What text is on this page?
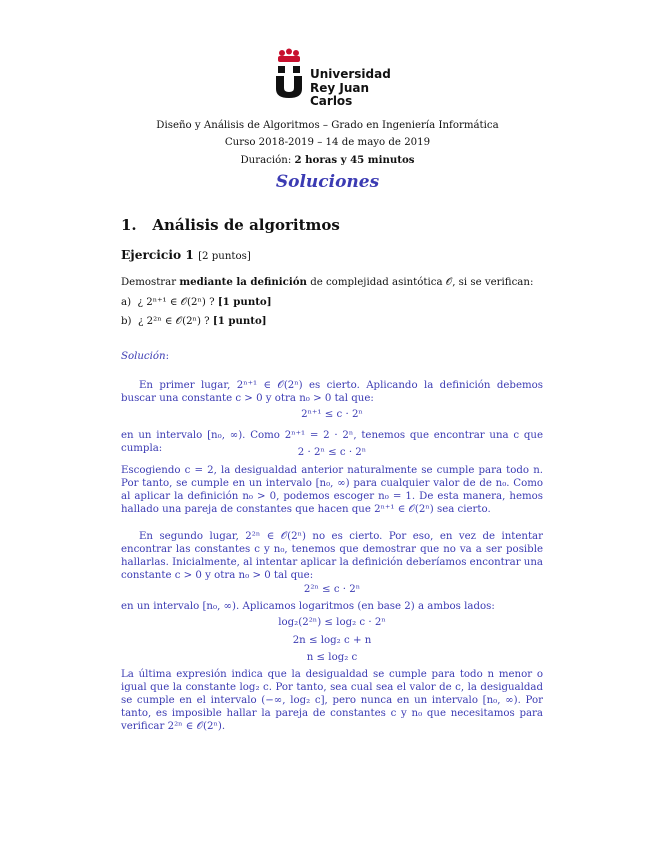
Universidad
Rey Juan Carlos
Diseño y Análisis de Algoritmos – Grado en Ingeniería Informática
Curso 2018-2019 – 14 de mayo de 2019
Duración: 2 horas y 45 minutos
Soluciones
1. Análisis de algoritmos
Ejercicio 1 [2 puntos]
Demostrar mediante la definición de complejidad asintótica 𝒪, si se verifican:
a) ¿ 2ⁿ⁺¹ ∈ 𝒪(2ⁿ) ? [1 punto]
b) ¿ 2²ⁿ ∈ 𝒪(2ⁿ) ? [1 punto]
Solución:
En primer lugar, 2ⁿ⁺¹ ∈ 𝒪(2ⁿ) es cierto. Aplicando la definición debemos buscar una constante c > 0 y otra n₀ > 0 tal que:
2ⁿ⁺¹ ≤ c · 2ⁿ
en un intervalo [n₀, ∞). Como 2ⁿ⁺¹ = 2 · 2ⁿ, tenemos que encontrar una c que cumpla:	2 · 2ⁿ ≤ c · 2ⁿ
Escogiendo c = 2, la desigualdad anterior naturalmente se cumple para todo n. Por tanto, se cumple en un intervalo [n₀, ∞) para cualquier valor de de n₀. Como al aplicar la definición n₀ > 0, podemos escoger n₀ = 1. De esta manera, hemos hallado una pareja de constantes que hacen que 2ⁿ⁺¹ ∈ 𝒪(2ⁿ) sea cierto.
En segundo lugar, 2²ⁿ ∈ 𝒪(2ⁿ) no es cierto. Por eso, en vez de intentar encontrar las constantes c y n₀, tenemos que demostrar que no va a ser posible hallarlas. Inicialmente, al intentar aplicar la definición deberíamos encontrar una constante c > 0 y otra n₀ > 0 tal que:
2²ⁿ ≤ c · 2ⁿ
en un intervalo [n₀, ∞). Aplicamos logaritmos (en base 2) a ambos lados:
log₂(2²ⁿ) ≤ log₂ c · 2ⁿ
2n ≤ log₂ c + n
n ≤ log₂ c
La última expresión indica que la desigualdad se cumple para todo n menor o igual que la constante log₂ c. Por tanto, sea cual sea el valor de c, la desigualdad se cumple en el intervalo (−∞, log₂ c], pero nunca en un intervalo [n₀, ∞). Por tanto, es imposible hallar la pareja de constantes c y n₀ que necesitamos para verificar 2²ⁿ ∈ 𝒪(2ⁿ).
